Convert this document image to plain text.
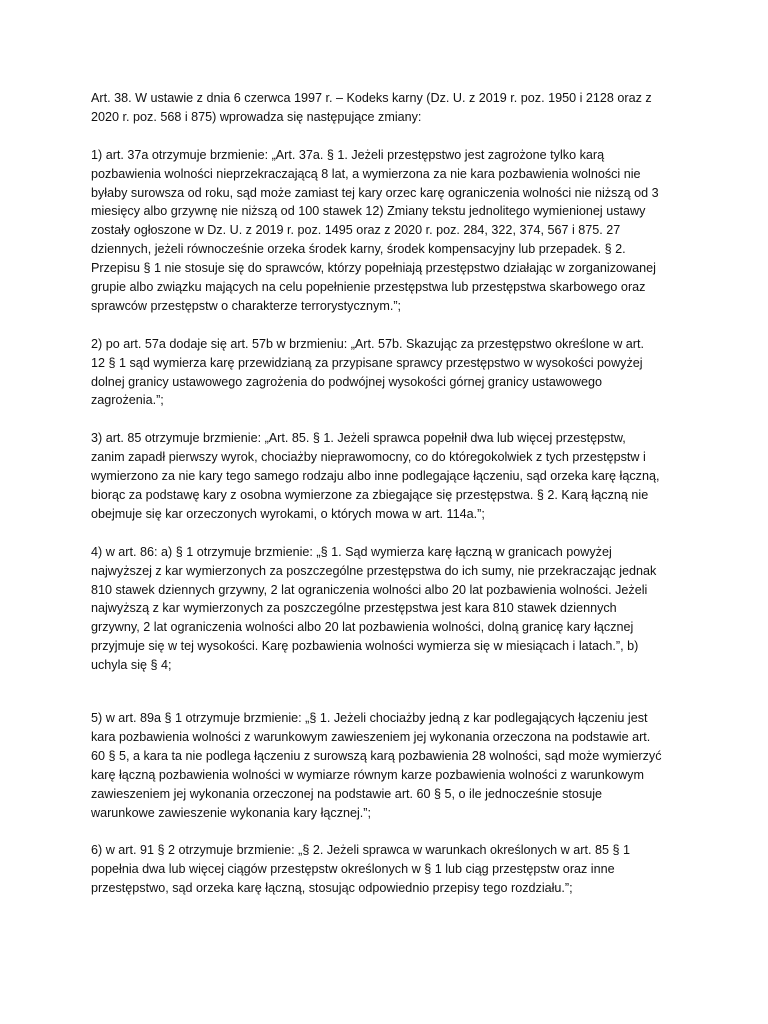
Art. 38. W ustawie z dnia 6 czerwca 1997 r. – Kodeks karny (Dz. U. z 2019 r. poz. 1950 i 2128 oraz z
2020 r. poz. 568 i 875) wprowadza się następujące zmiany:

1) art. 37a otrzymuje brzmienie: „Art. 37a. § 1. Jeżeli przestępstwo jest zagrożone tylko karą
pozbawienia wolności nieprzekraczającą 8 lat, a wymierzona za nie kara pozbawienia wolności nie
byłaby surowsza od roku, sąd może zamiast tej kary orzec karę ograniczenia wolności nie niższą od 3
miesięcy albo grzywnę nie niższą od 100 stawek 12) Zmiany tekstu jednolitego wymienionej ustawy
zostały ogłoszone w Dz. U. z 2019 r. poz. 1495 oraz z 2020 r. poz. 284, 322, 374, 567 i 875. 27
dziennych, jeżeli równocześnie orzeka środek karny, środek kompensacyjny lub przepadek. § 2.
Przepisu § 1 nie stosuje się do sprawców, którzy popełniają przestępstwo działając w zorganizowanej
grupie albo związku mających na celu popełnienie przestępstwa lub przestępstwa skarbowego oraz
sprawców przestępstw o charakterze terrorystycznym.”;

2) po art. 57a dodaje się art. 57b w brzmieniu: „Art. 57b. Skazując za przestępstwo określone w art.
12 § 1 sąd wymierza karę przewidzianą za przypisane sprawcy przestępstwo w wysokości powyżej
dolnej granicy ustawowego zagrożenia do podwójnej wysokości górnej granicy ustawowego
zagrożenia.”;

3) art. 85 otrzymuje brzmienie: „Art. 85. § 1. Jeżeli sprawca popełnił dwa lub więcej przestępstw,
zanim zapadł pierwszy wyrok, chociażby nieprawomocny, co do któregokolwiek z tych przestępstw i
wymierzono za nie kary tego samego rodzaju albo inne podlegające łączeniu, sąd orzeka karę łączną,
biorąc za podstawę kary z osobna wymierzone za zbiegające się przestępstwa. § 2. Karą łączną nie
obejmuje się kar orzeczonych wyrokami, o których mowa w art. 114a.”;

4) w art. 86: a) § 1 otrzymuje brzmienie: „§ 1. Sąd wymierza karę łączną w granicach powyżej
najwyższej z kar wymierzonych za poszczególne przestępstwa do ich sumy, nie przekraczając jednak
810 stawek dziennych grzywny, 2 lat ograniczenia wolności albo 20 lat pozbawienia wolności. Jeżeli
najwyższą z kar wymierzonych za poszczególne przestępstwa jest kara 810 stawek dziennych
grzywny, 2 lat ograniczenia wolności albo 20 lat pozbawienia wolności, dolną granicę kary łącznej
przyjmuje się w tej wysokości. Karę pozbawienia wolności wymierza się w miesiącach i latach.”, b)
uchyla się § 4;

5) w art. 89a § 1 otrzymuje brzmienie: „§ 1. Jeżeli chociażby jedną z kar podlegających łączeniu jest
kara pozbawienia wolności z warunkowym zawieszeniem jej wykonania orzeczona na podstawie art.
60 § 5, a kara ta nie podlega łączeniu z surowszą karą pozbawienia 28 wolności, sąd może wymierzyć
karę łączną pozbawienia wolności w wymiarze równym karze pozbawienia wolności z warunkowym
zawieszeniem jej wykonania orzeczonej na podstawie art. 60 § 5, o ile jednocześnie stosuje
warunkowe zawieszenie wykonania kary łącznej.”;

6) w art. 91 § 2 otrzymuje brzmienie: „§ 2. Jeżeli sprawca w warunkach określonych w art. 85 § 1
popełnia dwa lub więcej ciągów przestępstw określonych w § 1 lub ciąg przestępstw oraz inne
przestępstwo, sąd orzeka karę łączną, stosując odpowiednio przepisy tego rozdziału.”;
